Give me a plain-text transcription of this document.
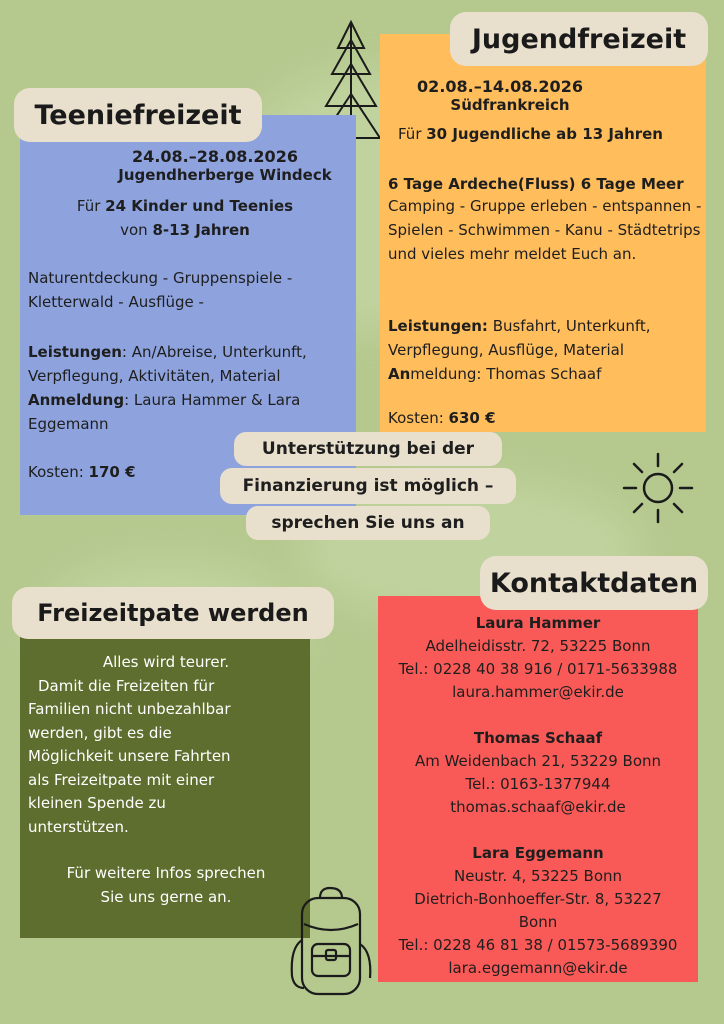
Teeniefreizeit
24.08.–28.08.2026
Jugendherberge Windeck
Für 24 Kinder und Teenies
von 8-13 Jahren
Naturentdeckung - Gruppenspiele - Kletterwald - Ausflüge -
Leistungen: An/Abreise, Unterkunft, Verpflegung, Aktivitäten, Material
Anmeldung: Laura Hammer & Lara Eggemann
Kosten: 170 €
Jugendfreizeit
02.08.–14.08.2026
Südfrankreich
Für 30 Jugendliche ab 13 Jahren
6 Tage Ardeche(Fluss) 6 Tage Meer
Camping - Gruppe erleben - entspannen - Spielen - Schwimmen - Kanu - Städtetrips und vieles mehr meldet Euch an.
Leistungen: Busfahrt, Unterkunft, Verpflegung, Ausflüge, Material
Anmeldung: Thomas Schaaf
Kosten: 630 €
Unterstützung bei der
Finanzierung ist möglich –
sprechen Sie uns an
Freizeitpate werden
Alles wird teurer.
Damit die Freizeiten für
Familien nicht unbezahlbar
werden, gibt es die
Möglichkeit unsere Fahrten
als Freizeitpate mit einer
kleinen Spende zu
unterstützen.
Für weitere Infos sprechen
Sie uns gerne an.
Kontaktdaten
Laura Hammer
Adelheidisstr. 72, 53225 Bonn
Tel.: 0228 40 38 916 / 0171-5633988
laura.hammer@ekir.de
Thomas Schaaf
Am Weidenbach 21, 53229 Bonn
Tel.: 0163-1377944
thomas.schaaf@ekir.de
Lara Eggemann
Neustr. 4, 53225 Bonn
Dietrich-Bonhoeffer-Str. 8, 53227
Bonn
Tel.: 0228 46 81 38 / 01573-5689390
lara.eggemann@ekir.de
